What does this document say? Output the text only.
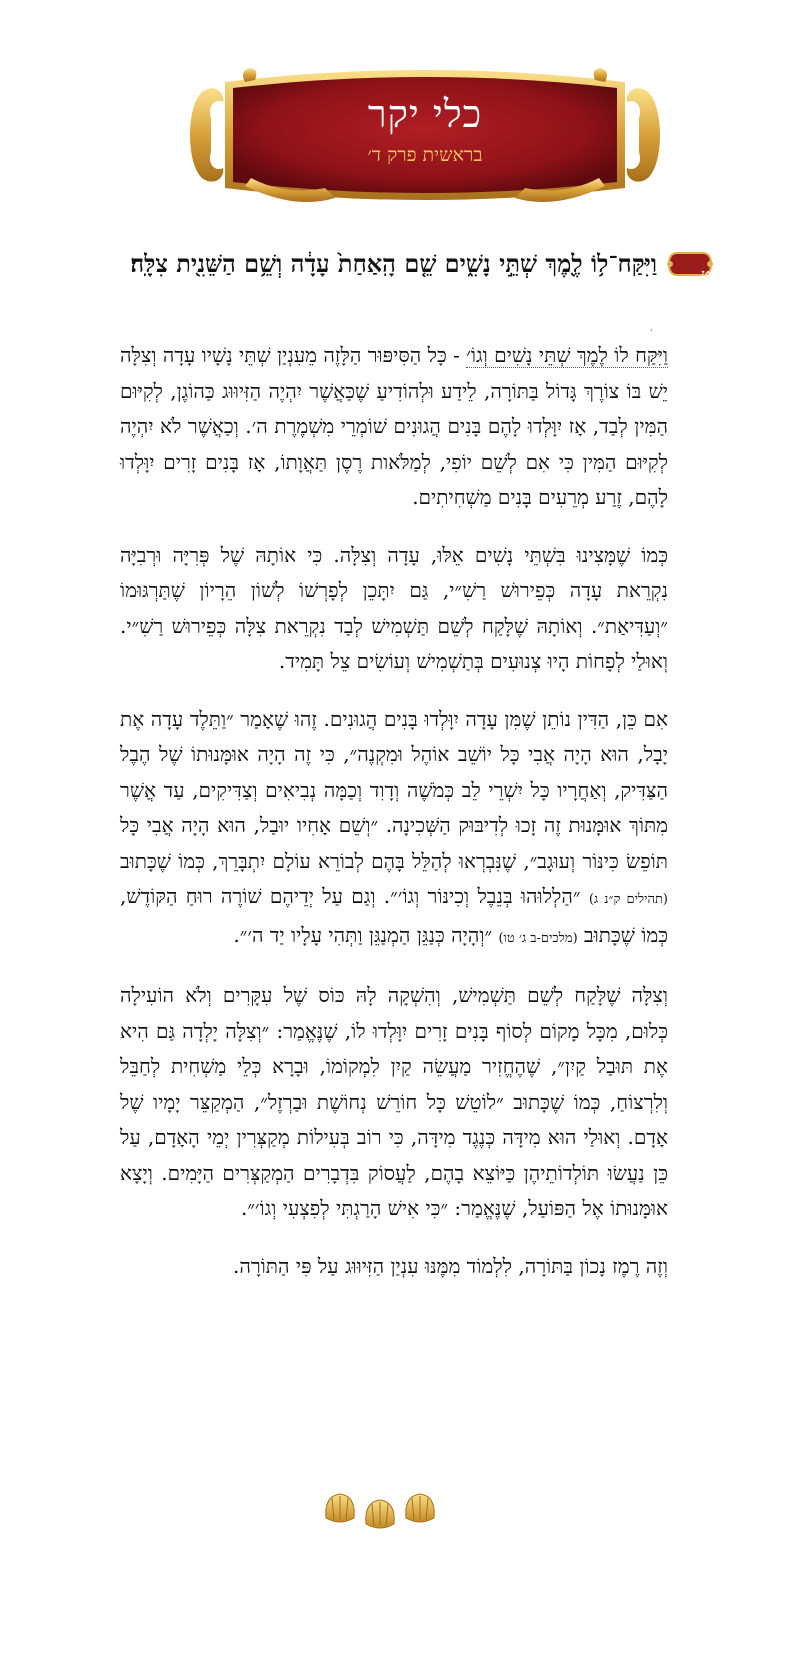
כלי יקר
בראשית פרק ד׳
יט
וַיִּקַּח־ל֥וֹ לֶ֖מֶךְ שְׁתֵּ֣י נָשִׁ֑ים שֵׁ֤ם הָֽאַחַת֙ עָדָ֔ה וְשֵׁ֥ם הַשֵּׁנִ֖ית צִלָּֽה׃
,

וַיִּקַּח לוֹ לֶמֶךְ שְׁתֵּי נָשִׁים וְגוֹ׳ - כָּל הַסִּיפּוּר הַלָּזֶה מֵעִנְיַן שְׁתֵּי נָשָׁיו עָדָה וְצִלָּה יֵשׁ בּוֹ צוֹרֶךְ גָּדוֹל בַּתּוֹרָה, לֵידַע וּלְהוֹדִיעַ שֶׁכַּאֲשֶׁר יִהְיֶה הַזִּיוּוּג כַּהוֹגֶן, לְקִיּוּם הַמִּין לְבַד, אָז יִוָּלְדוּ לָהֶם בָּנִים הֲגוּנִים שׁוֹמְרֵי מִשְׁמֶרֶת ה׳. וְכַאֲשֶׁר לֹא יִהְיֶה לְקִיּוּם הַמִּין כִּי אִם לְשֵׁם יוֹפִי, לְמַלֹּאות רֶסֶן תַּאֲוָתוֹ, אָז בָּנִים זָרִים יִוָּלְדוּ לָהֶם, זֶרַע מְרֵעִים בָּנִים מַשְׁחִיתִים.

כְּמוֹ שֶׁמָּצִינוּ בִּשְׁתֵּי נָשִׁים אֵלּוּ, עָדָה וְצִלָּה. כִּי אוֹתָהּ שֶׁל פְּרִיָּה וּרְבִיָּה נִקְרֵאת עָדָה כְּפֵירוּשׁ רַשִׁ״י, גַּם יִתָּכֵן לְפָרְשׁוֹ לְשׁוֹן הֵרָיוֹן שֶׁתַּרְגּוּמוֹ ״וְעַדִּיאַת״. וְאוֹתָהּ שֶׁלָּקַח לְשֵׁם תַּשְׁמִישׁ לְבַד נִקְרֵאת צִלָּה כְּפֵירוּשׁ רַשִׁ״י. וְאוּלַי לְפָחוֹת הָיוּ צְנוּעִים בְּתַשְׁמִישׁ וְעוֹשִׂים צֵל תָּמִיד.

אִם כֵּן, הַדִּין נוֹתֵן שֶׁמִּן עָדָה יִוָּלְדוּ בָּנִים הֲגוּנִים. זֶהוּ שֶׁאָמַר ״וַתֵּלֶד עָדָה אֶת יָבָל, הוּא הָיָה אֲבִי כָּל יוֹשֵׁב אוֹהֶל וּמִקְנֶה״, כִּי זֶה הָיָה אוּמָּנוּתוֹ שֶׁל הֶבֶל הַצַּדִּיק, וְאַחֲרָיו כָּל יִשְׁרֵי לֵב כְּמֹשֶׁה וְדָוִד וְכַמָּה נְבִיאִים וְצַדִּיקִים, עַד אֲשֶׁר מִתּוֹךְ אוּמָּנוּת זֶה זָכוּ לְדִיבּוּק הַשְּׁכִינָה. ״וְשֵׁם אָחִיו יוּבַל, הוּא הָיָה אֲבִי כָּל תּוֹפֵשׂ כִּינּוֹר וְעוּגָב״, שֶׁנִּבְרְאוּ לְהַלֵּל בָּהֶם לְבוֹרֵא עוֹלָם יִתְבָּרֵךְ, כְּמוֹ שֶׁכָּתוּב (תהילים ק״נ ג) ״הַלְלוּהוּ בְּנֵבֶל וְכִינּוֹר וְגוֹ׳״. וְגַם עַל יְדֵיהֶם שׁוֹרֶה רוּחַ הַקּוֹדֶשׁ, כְּמוֹ שֶׁכָּתוּב (מלכים-ב ג׳ טו) ״וְהָיָה כְּנַגֵּן הַמְנַגֵּן וַתְּהִי עָלָיו יַד ה׳״.

וְצִלָּה שֶׁלָּקַח לְשֵׁם תַּשְׁמִישׁ, וְהִשְׁקָה לָהּ כּוֹס שֶׁל עִקָּרִים וְלֹא הוֹעִילָה כְּלוּם, מִכָּל מָקוֹם לְסוֹף בָּנִים זָרִים יִוָּלְדוּ לוֹ, שֶׁנֶּאֱמַר: ״וְצִלָּה יָלְדָה גַּם הִיא אֶת תּוּבַל קַיִן״, שֶׁהֶחֱזִיר מַעֲשֵׂה קַיִן לִמְקוֹמוֹ, וּבָרָא כְּלֵי מַשְׁחִית לְחַבֵּל וְלִרְצוֹחַ, כְּמוֹ שֶׁכָּתוּב ״לוֹטֵשׁ כָּל חוֹרֵשׁ נְחוֹשֶׁת וּבַרְזֶל״, הַמְקַצֵּר יָמָיו שֶׁל אָדָם. וְאוּלַי הוּא מִידָּה כְּנֶגֶד מִידָּה, כִּי רוֹב בְּעִילוֹת מְקַצְּרִין יְמֵי הָאָדָם, עַל כֵּן נַעֲשׂוּ תּוֹלְדוֹתֵיהֶן כַּיּוֹצֵא בָהֶם, לַעֲסוֹק בִּדְבָרִים הַמְקַצְּרִים הַיָּמִים. וְיָצָא אוּמָּנוּתוֹ אֶל הַפּוֹעַל, שֶׁנֶּאֱמַר: ״כִּי אִישׁ הָרַגְתִּי לְפִצְעִי וְגוֹ׳״.

וְזֶה רֶמֶז נָכוֹן בַּתּוֹרָה, לִלְמוֹד מִמֶּנּוּ עִנְיַן הַזִּיוּוּג עַל פִּי הַתּוֹרָה.
